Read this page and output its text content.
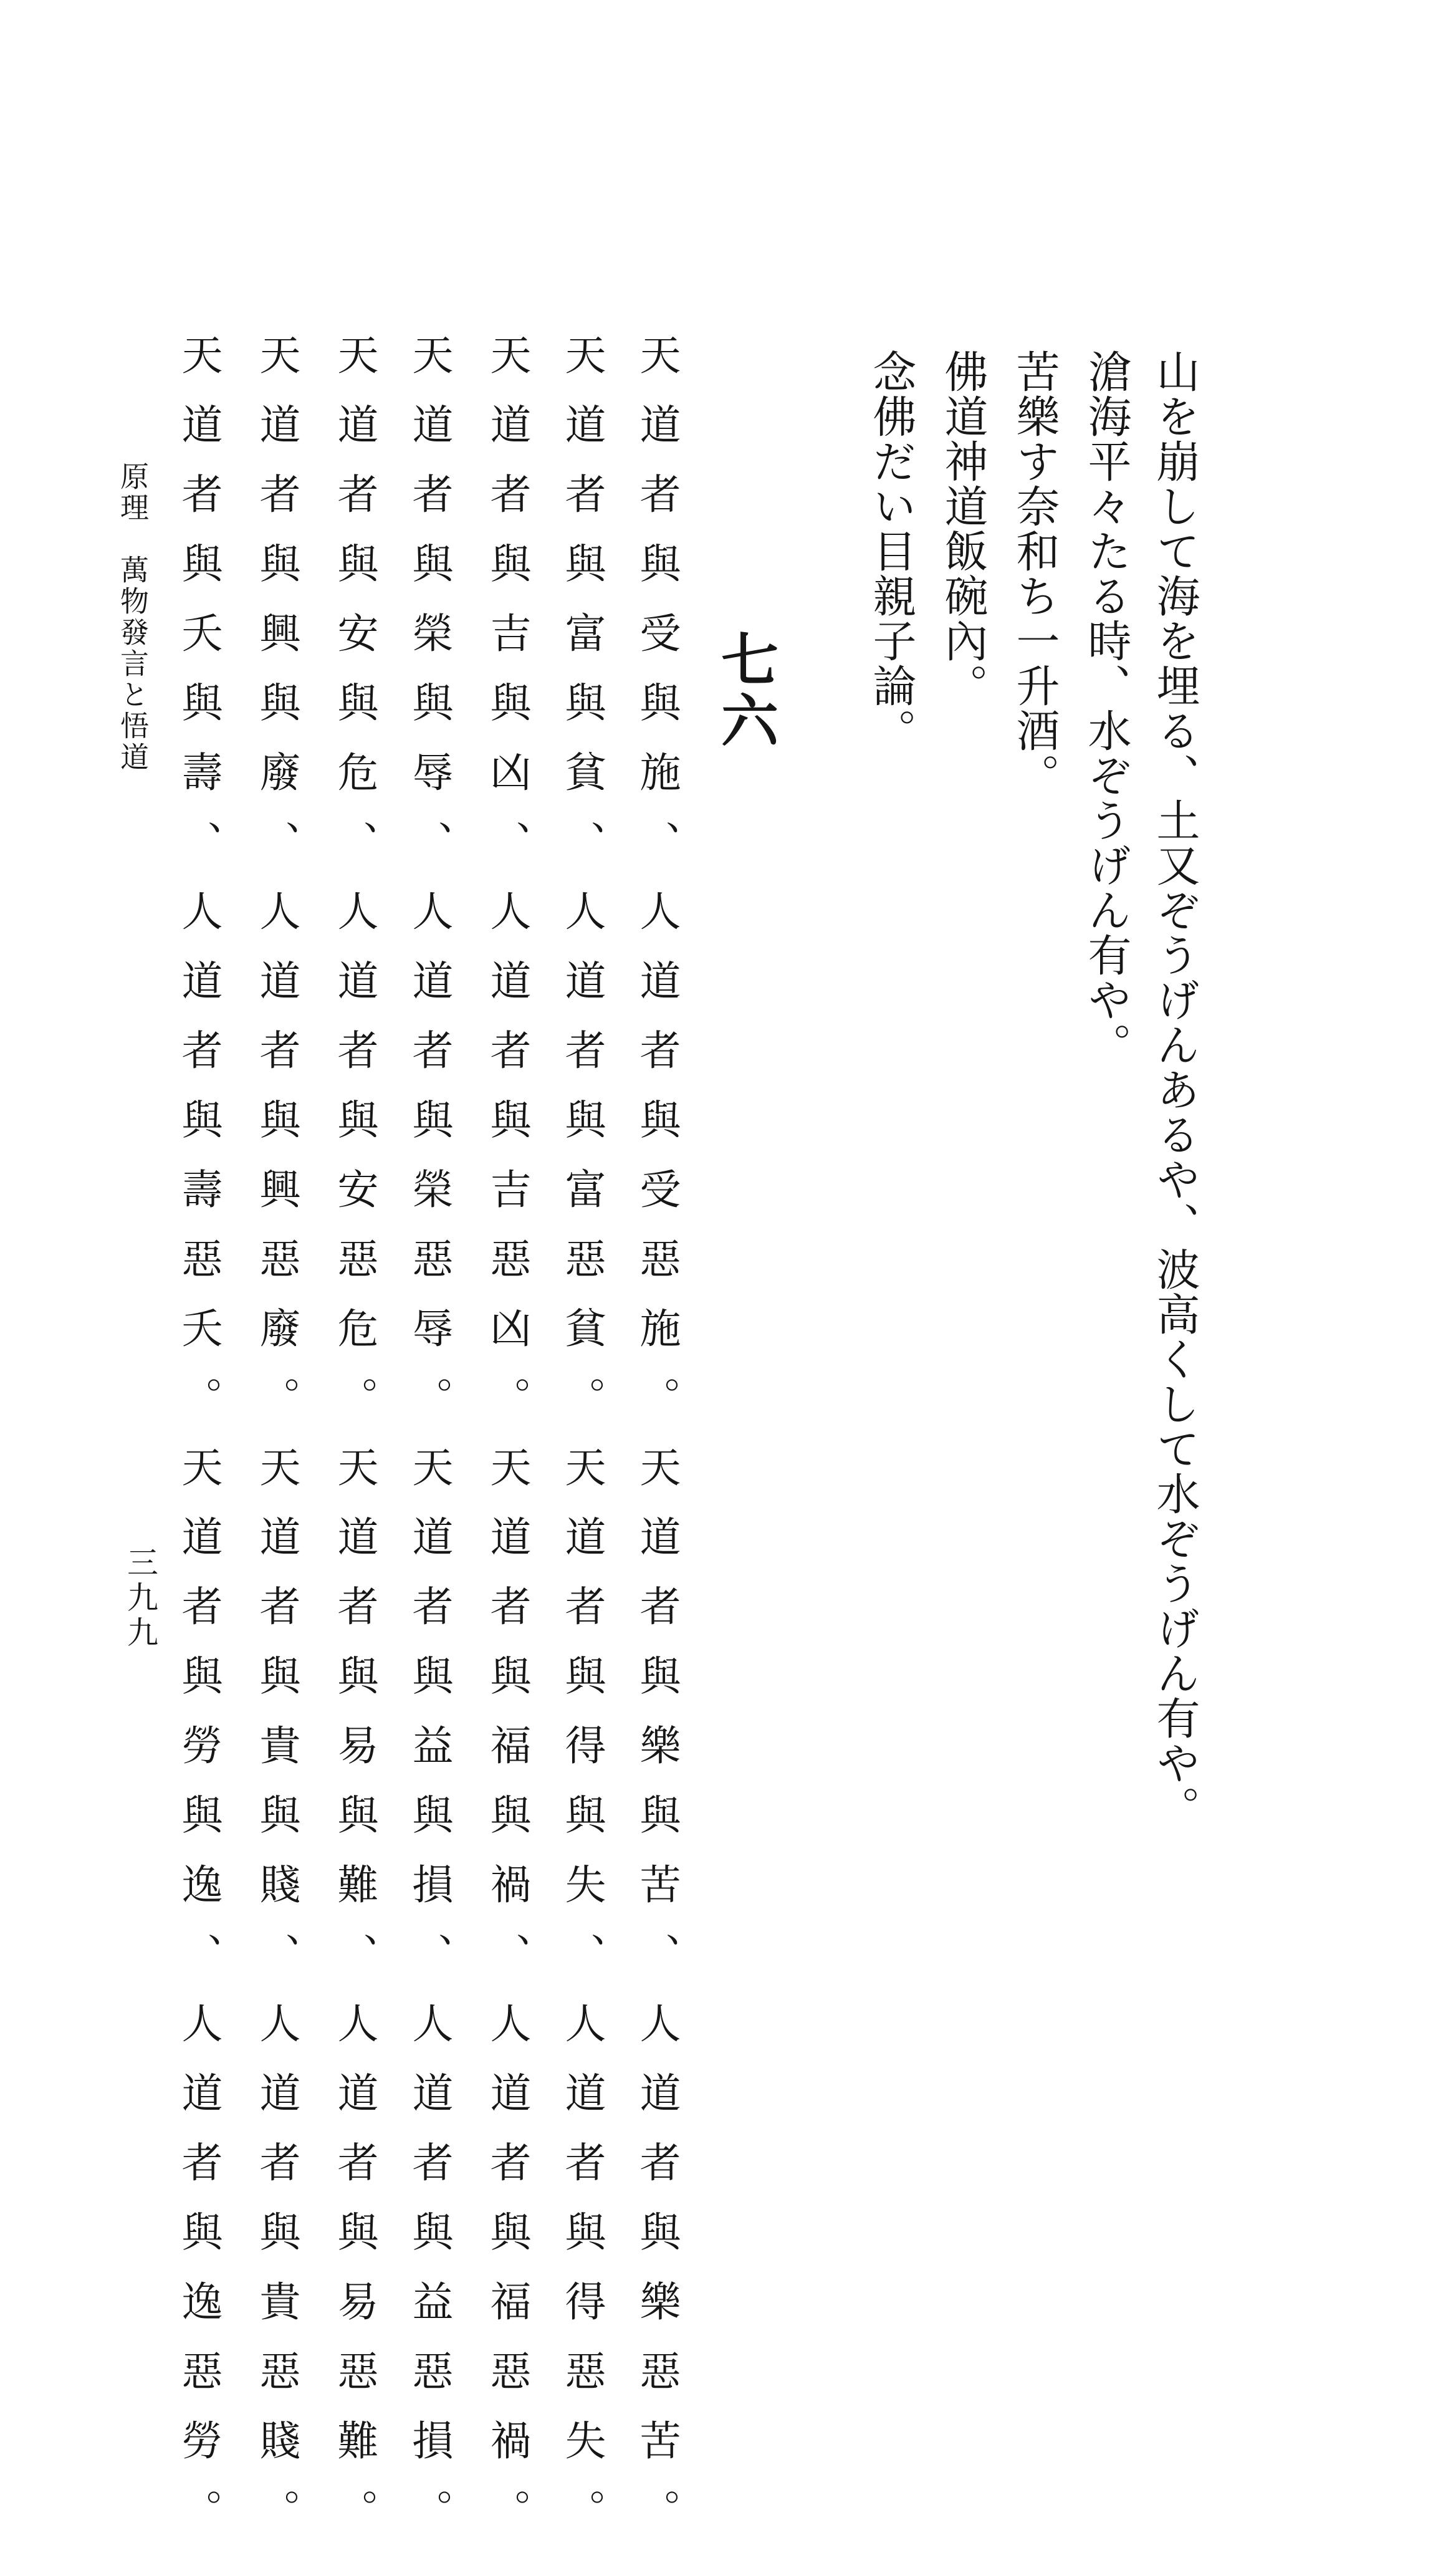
山を崩して海を埋る、土又ぞうげんあるや、波高くして水ぞうげん有や。
滄海平々たる時、水ぞうげん有や。
苦樂す奈和ち一升酒。
佛道神道飯碗內。
念佛だい目親子論。
七六
天道者與受與施、人道者與受惡施。天道者與樂與苦、人道者與樂惡苦。
天道者與富與貧、人道者與富惡貧。天道者與得與失、人道者與得惡失。
天道者與吉與凶、人道者與吉惡凶。天道者與福與禍、人道者與福惡禍。
天道者與榮與辱、人道者與榮惡辱。天道者與益與損、人道者與益惡損。
天道者與安與危、人道者與安惡危。天道者與易與難、人道者與易惡難。
天道者與興與廢、人道者與興惡廢。天道者與貴與賤、人道者與貴惡賤。
天道者與夭與壽、人道者與壽惡夭。天道者與勞與逸、人道者與逸惡勞。
原理　萬物發言と悟道
三九九
